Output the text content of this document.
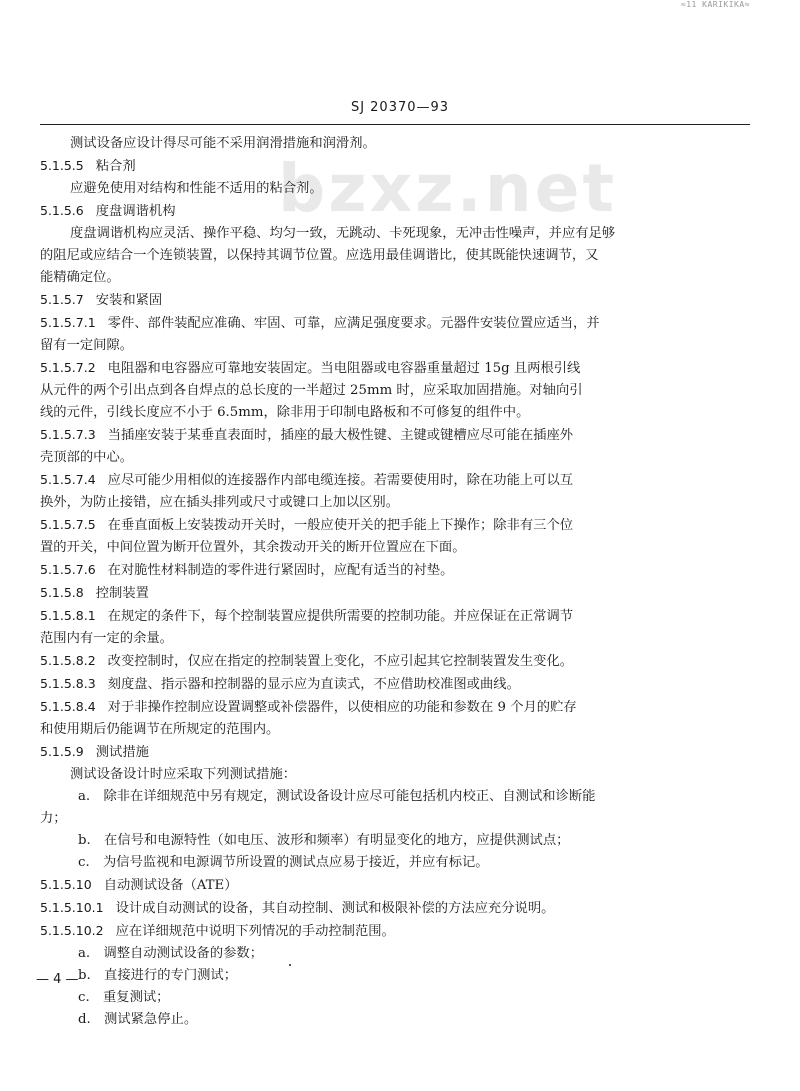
≈11 KARIKIKA≈
bzxz.net
SJ 20370—93
测试设备应设计得尽可能不采用润滑措施和润滑剂。
5.1.5.5 粘合剂
应避免使用对结构和性能不适用的粘合剂。
5.1.5.6 度盘调谐机构
度盘调谐机构应灵活、操作平稳、均匀一致，无跳动、卡死现象，无冲击性噪声，并应有足够
的阻尼或应结合一个连锁装置，以保持其调节位置。应选用最佳调谐比，使其既能快速调节，又
能精确定位。
5.1.5.7 安装和紧固
5.1.5.7.1 零件、部件装配应准确、牢固、可靠，应满足强度要求。元器件安装位置应适当，并
留有一定间隙。
5.1.5.7.2 电阻器和电容器应可靠地安装固定。当电阻器或电容器重量超过 15g 且两根引线
从元件的两个引出点到各自焊点的总长度的一半超过 25mm 时，应采取加固措施。对轴向引
线的元件，引线长度应不小于 6.5mm，除非用于印制电路板和不可修复的组件中。
5.1.5.7.3 当插座安装于某垂直表面时，插座的最大极性键、主键或键槽应尽可能在插座外
壳顶部的中心。
5.1.5.7.4 应尽可能少用相似的连接器作内部电缆连接。若需要使用时，除在功能上可以互
换外，为防止接错，应在插头排列或尺寸或键口上加以区别。
5.1.5.7.5 在垂直面板上安装拨动开关时，一般应使开关的把手能上下操作；除非有三个位
置的开关，中间位置为断开位置外，其余拨动开关的断开位置应在下面。
5.1.5.7.6 在对脆性材料制造的零件进行紧固时，应配有适当的衬垫。
5.1.5.8 控制装置
5.1.5.8.1 在规定的条件下，每个控制装置应提供所需要的控制功能。并应保证在正常调节
范围内有一定的余量。
5.1.5.8.2 改变控制时，仅应在指定的控制装置上变化，不应引起其它控制装置发生变化。
5.1.5.8.3 刻度盘、指示器和控制器的显示应为直读式，不应借助校准图或曲线。
5.1.5.8.4 对于非操作控制应设置调整或补偿器件，以使相应的功能和参数在 9 个月的贮存
和使用期后仍能调节在所规定的范围内。
5.1.5.9 测试措施
测试设备设计时应采取下列测试措施：
a.　除非在详细规范中另有规定，测试设备设计应尽可能包括机内校正、自测试和诊断能
力；
b.　在信号和电源特性（如电压、波形和频率）有明显变化的地方，应提供测试点；
c.　为信号监视和电源调节所设置的测试点应易于接近，并应有标记。
5.1.5.10 自动测试设备（ATE）
5.1.5.10.1 设计成自动测试的设备，其自动控制、测试和极限补偿的方法应充分说明。
5.1.5.10.2 应在详细规范中说明下列情况的手动控制范围。
a.　调整自动测试设备的参数；
b.　直接进行的专门测试；
c.　重复测试；
d.　测试紧急停止。
— 4 —
